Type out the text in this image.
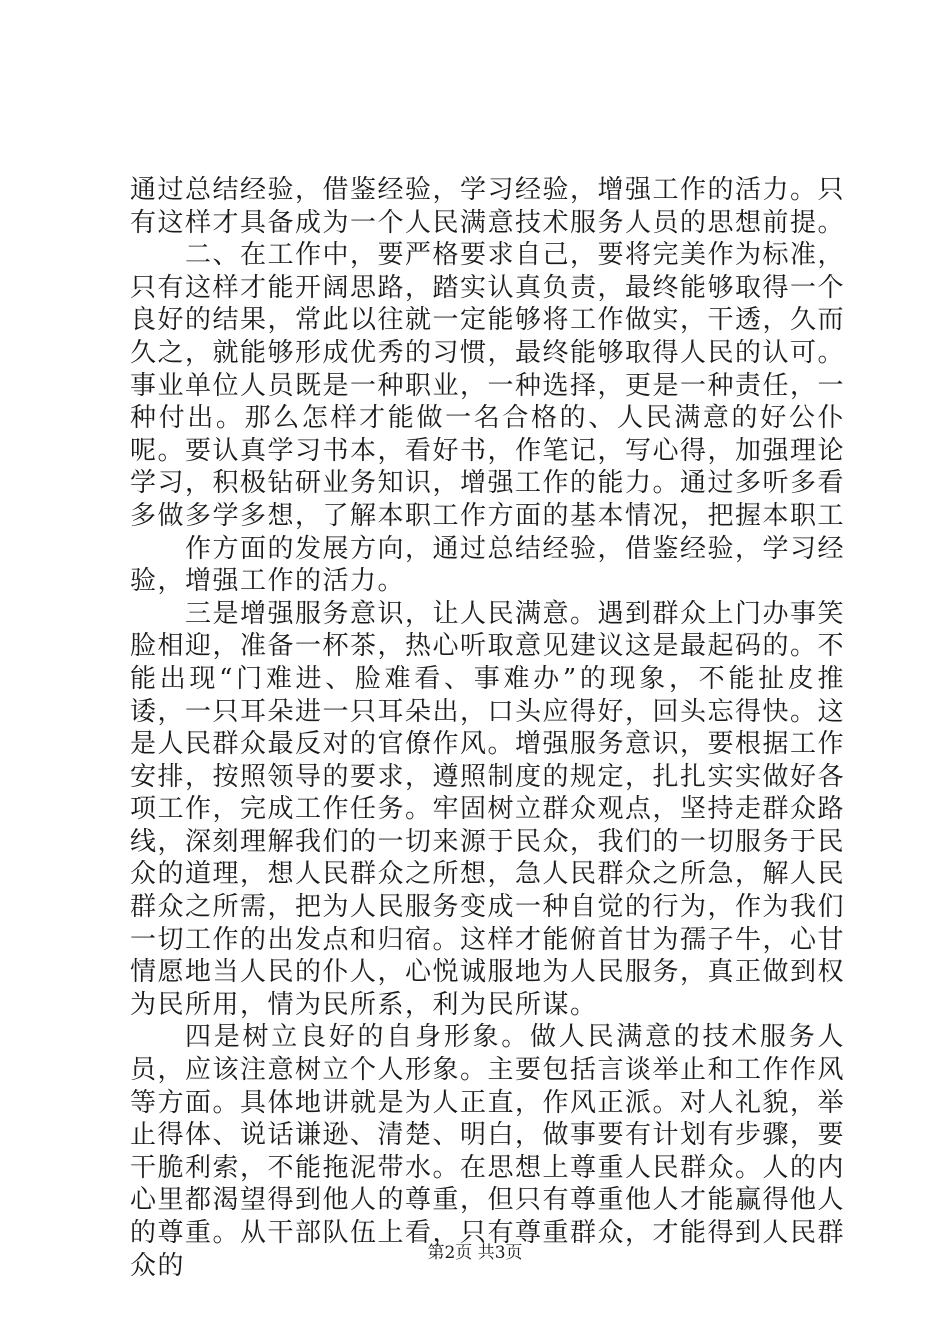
通过总结经验，借鉴经验，学习经验，增强工作的活力。只有这样才具备成为一个人民满意技术服务人员的思想前提。

二、在工作中，要严格要求自己，要将完美作为标准，只有这样才能开阔思路，踏实认真负责，最终能够取得一个良好的结果，常此以往就一定能够将工作做实，干透，久而久之，就能够形成优秀的习惯，最终能够取得人民的认可。事业单位人员既是一种职业，一种选择，更是一种责任，一种付出。那么怎样才能做一名合格的、人民满意的好公仆呢。要认真学习书本，看好书，作笔记，写心得，加强理论学习，积极钻研业务知识，增强工作的能力。通过多听多看多做多学多想，了解本职工作方面的基本情况，把握本职工

作方面的发展方向，通过总结经验，借鉴经验，学习经验，增强工作的活力。

三是增强服务意识，让人民满意。遇到群众上门办事笑脸相迎，准备一杯茶，热心听取意见建议这是最起码的。不能出现“门难进、脸难看、事难办”的现象，不能扯皮推诿，一只耳朵进一只耳朵出，口头应得好，回头忘得快。这是人民群众最反对的官僚作风。增强服务意识，要根据工作安排，按照领导的要求，遵照制度的规定，扎扎实实做好各项工作，完成工作任务。牢固树立群众观点，坚持走群众路线，深刻理解我们的一切来源于民众，我们的一切服务于民众的道理，想人民群众之所想，急人民群众之所急，解人民群众之所需，把为人民服务变成一种自觉的行为，作为我们一切工作的出发点和归宿。这样才能俯首甘为孺子牛，心甘情愿地当人民的仆人，心悦诚服地为人民服务，真正做到权为民所用，情为民所系，利为民所谋。

四是树立良好的自身形象。做人民满意的技术服务人员，应该注意树立个人形象。主要包括言谈举止和工作作风等方面。具体地讲就是为人正直，作风正派。对人礼貌，举止得体、说话谦逊、清楚、明白，做事要有计划有步骤，要干脆利索，不能拖泥带水。在思想上尊重人民群众。人的内心里都渴望得到他人的尊重，但只有尊重他人才能赢得他人的尊重。从干部队伍上看，只有尊重群众，才能得到人民群众的	第2页 共3页
